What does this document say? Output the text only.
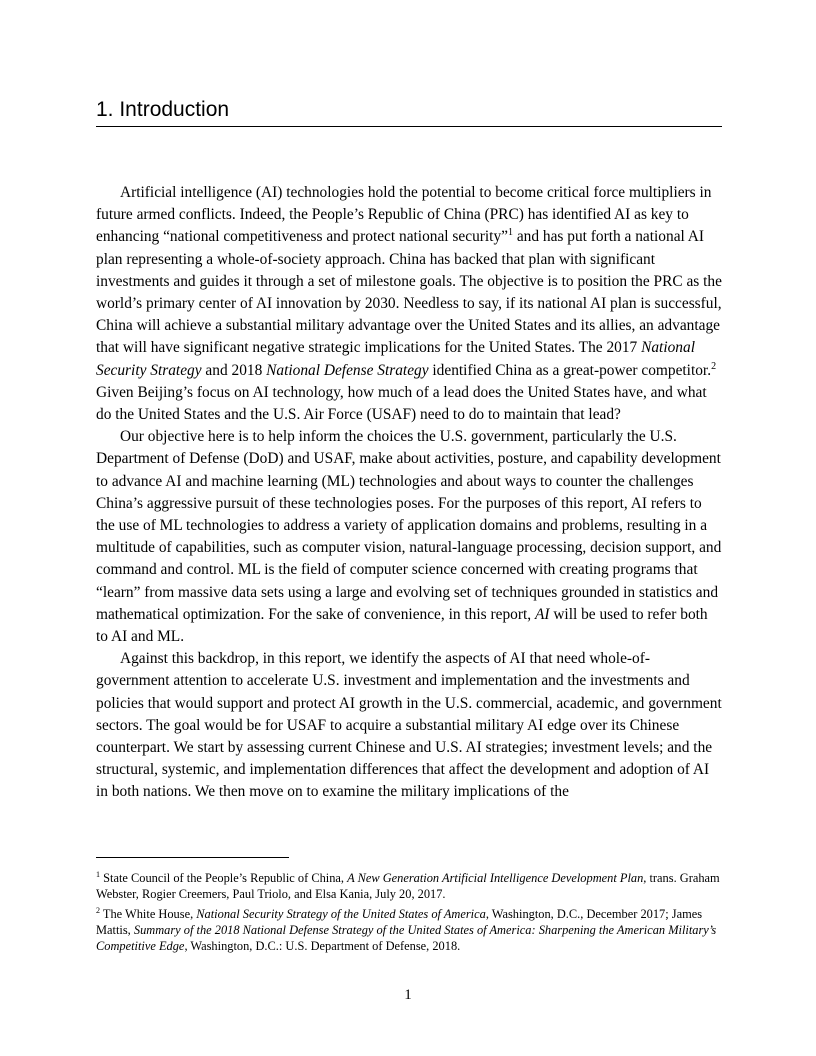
1. Introduction

Artificial intelligence (AI) technologies hold the potential to become critical force multipliers in future armed conflicts. Indeed, the People’s Republic of China (PRC) has identified AI as key to enhancing “national competitiveness and protect national security”$^1$ and has put forth a national AI plan representing a whole-of-society approach. China has backed that plan with significant investments and guides it through a set of milestone goals. The objective is to position the PRC as the world’s primary center of AI innovation by 2030. Needless to say, if its national AI plan is successful, China will achieve a substantial military advantage over the United States and its allies, an advantage that will have significant negative strategic implications for the United States. The 2017 National Security Strategy and 2018 National Defense Strategy identified China as a great-power competitor.$^2$ Given Beijing’s focus on AI technology, how much of a lead does the United States have, and what do the United States and the U.S. Air Force (USAF) need to do to maintain that lead?

Our objective here is to help inform the choices the U.S. government, particularly the U.S. Department of Defense (DoD) and USAF, make about activities, posture, and capability development to advance AI and machine learning (ML) technologies and about ways to counter the challenges China’s aggressive pursuit of these technologies poses. For the purposes of this report, AI refers to the use of ML technologies to address a variety of application domains and problems, resulting in a multitude of capabilities, such as computer vision, natural-language processing, decision support, and command and control. ML is the field of computer science concerned with creating programs that “learn” from massive data sets using a large and evolving set of techniques grounded in statistics and mathematical optimization. For the sake of convenience, in this report, AI will be used to refer both to AI and ML.

Against this backdrop, in this report, we identify the aspects of AI that need whole-of-government attention to accelerate U.S. investment and implementation and the investments and policies that would support and protect AI growth in the U.S. commercial, academic, and government sectors. The goal would be for USAF to acquire a substantial military AI edge over its Chinese counterpart. We start by assessing current Chinese and U.S. AI strategies; investment levels; and the structural, systemic, and implementation differences that affect the development and adoption of AI in both nations. We then move on to examine the military implications of the

$^1$ State Council of the People’s Republic of China, A New Generation Artificial Intelligence Development Plan, trans. Graham Webster, Rogier Creemers, Paul Triolo, and Elsa Kania, July 20, 2017.

$^2$ The White House, National Security Strategy of the United States of America, Washington, D.C., December 2017; James Mattis, Summary of the 2018 National Defense Strategy of the United States of America: Sharpening the American Military’s Competitive Edge, Washington, D.C.: U.S. Department of Defense, 2018.

1
